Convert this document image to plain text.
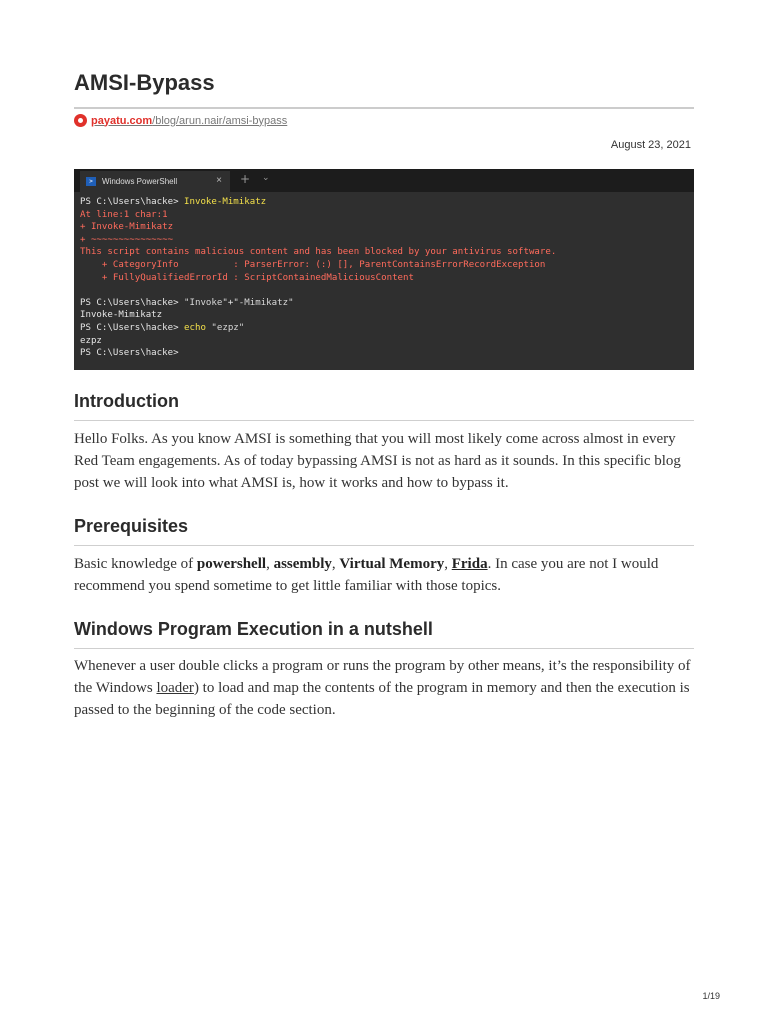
AMSI-Bypass
payatu.com/blog/arun.nair/amsi-bypass
August 23, 2021
>	Windows PowerShell	× + ⌄
PS C:\Users\hacke> Invoke-Mimikatz
At line:1 char:1
+ Invoke-Mimikatz
+ ~~~~~~~~~~~~~~~
This script contains malicious content and has been blocked by your antivirus software.
+ CategoryInfo          : ParserError: (:) [], ParentContainsErrorRecordException
+ FullyQualifiedErrorId : ScriptContainedMaliciousContent
PS C:\Users\hacke> "Invoke"+"-Mimikatz"
Invoke-Mimikatz
PS C:\Users\hacke> echo "ezpz"
ezpz
PS C:\Users\hacke>
Introduction

Hello Folks. As you know AMSI is something that you will most likely come across almost in every Red Team engagements. As of today bypassing AMSI is not as hard as it sounds. In this specific blog post we will look into what AMSI is, how it works and how to bypass it.

Prerequisites

Basic knowledge of powershell, assembly, Virtual Memory, Frida. In case you are not I would recommend you spend sometime to get little familiar with those topics.

Windows Program Execution in a nutshell

Whenever a user double clicks a program or runs the program by other means, it’s the responsibility of the Windows loader) to load and map the contents of the program in memory and then the execution is passed to the beginning of the code section.

1/19
